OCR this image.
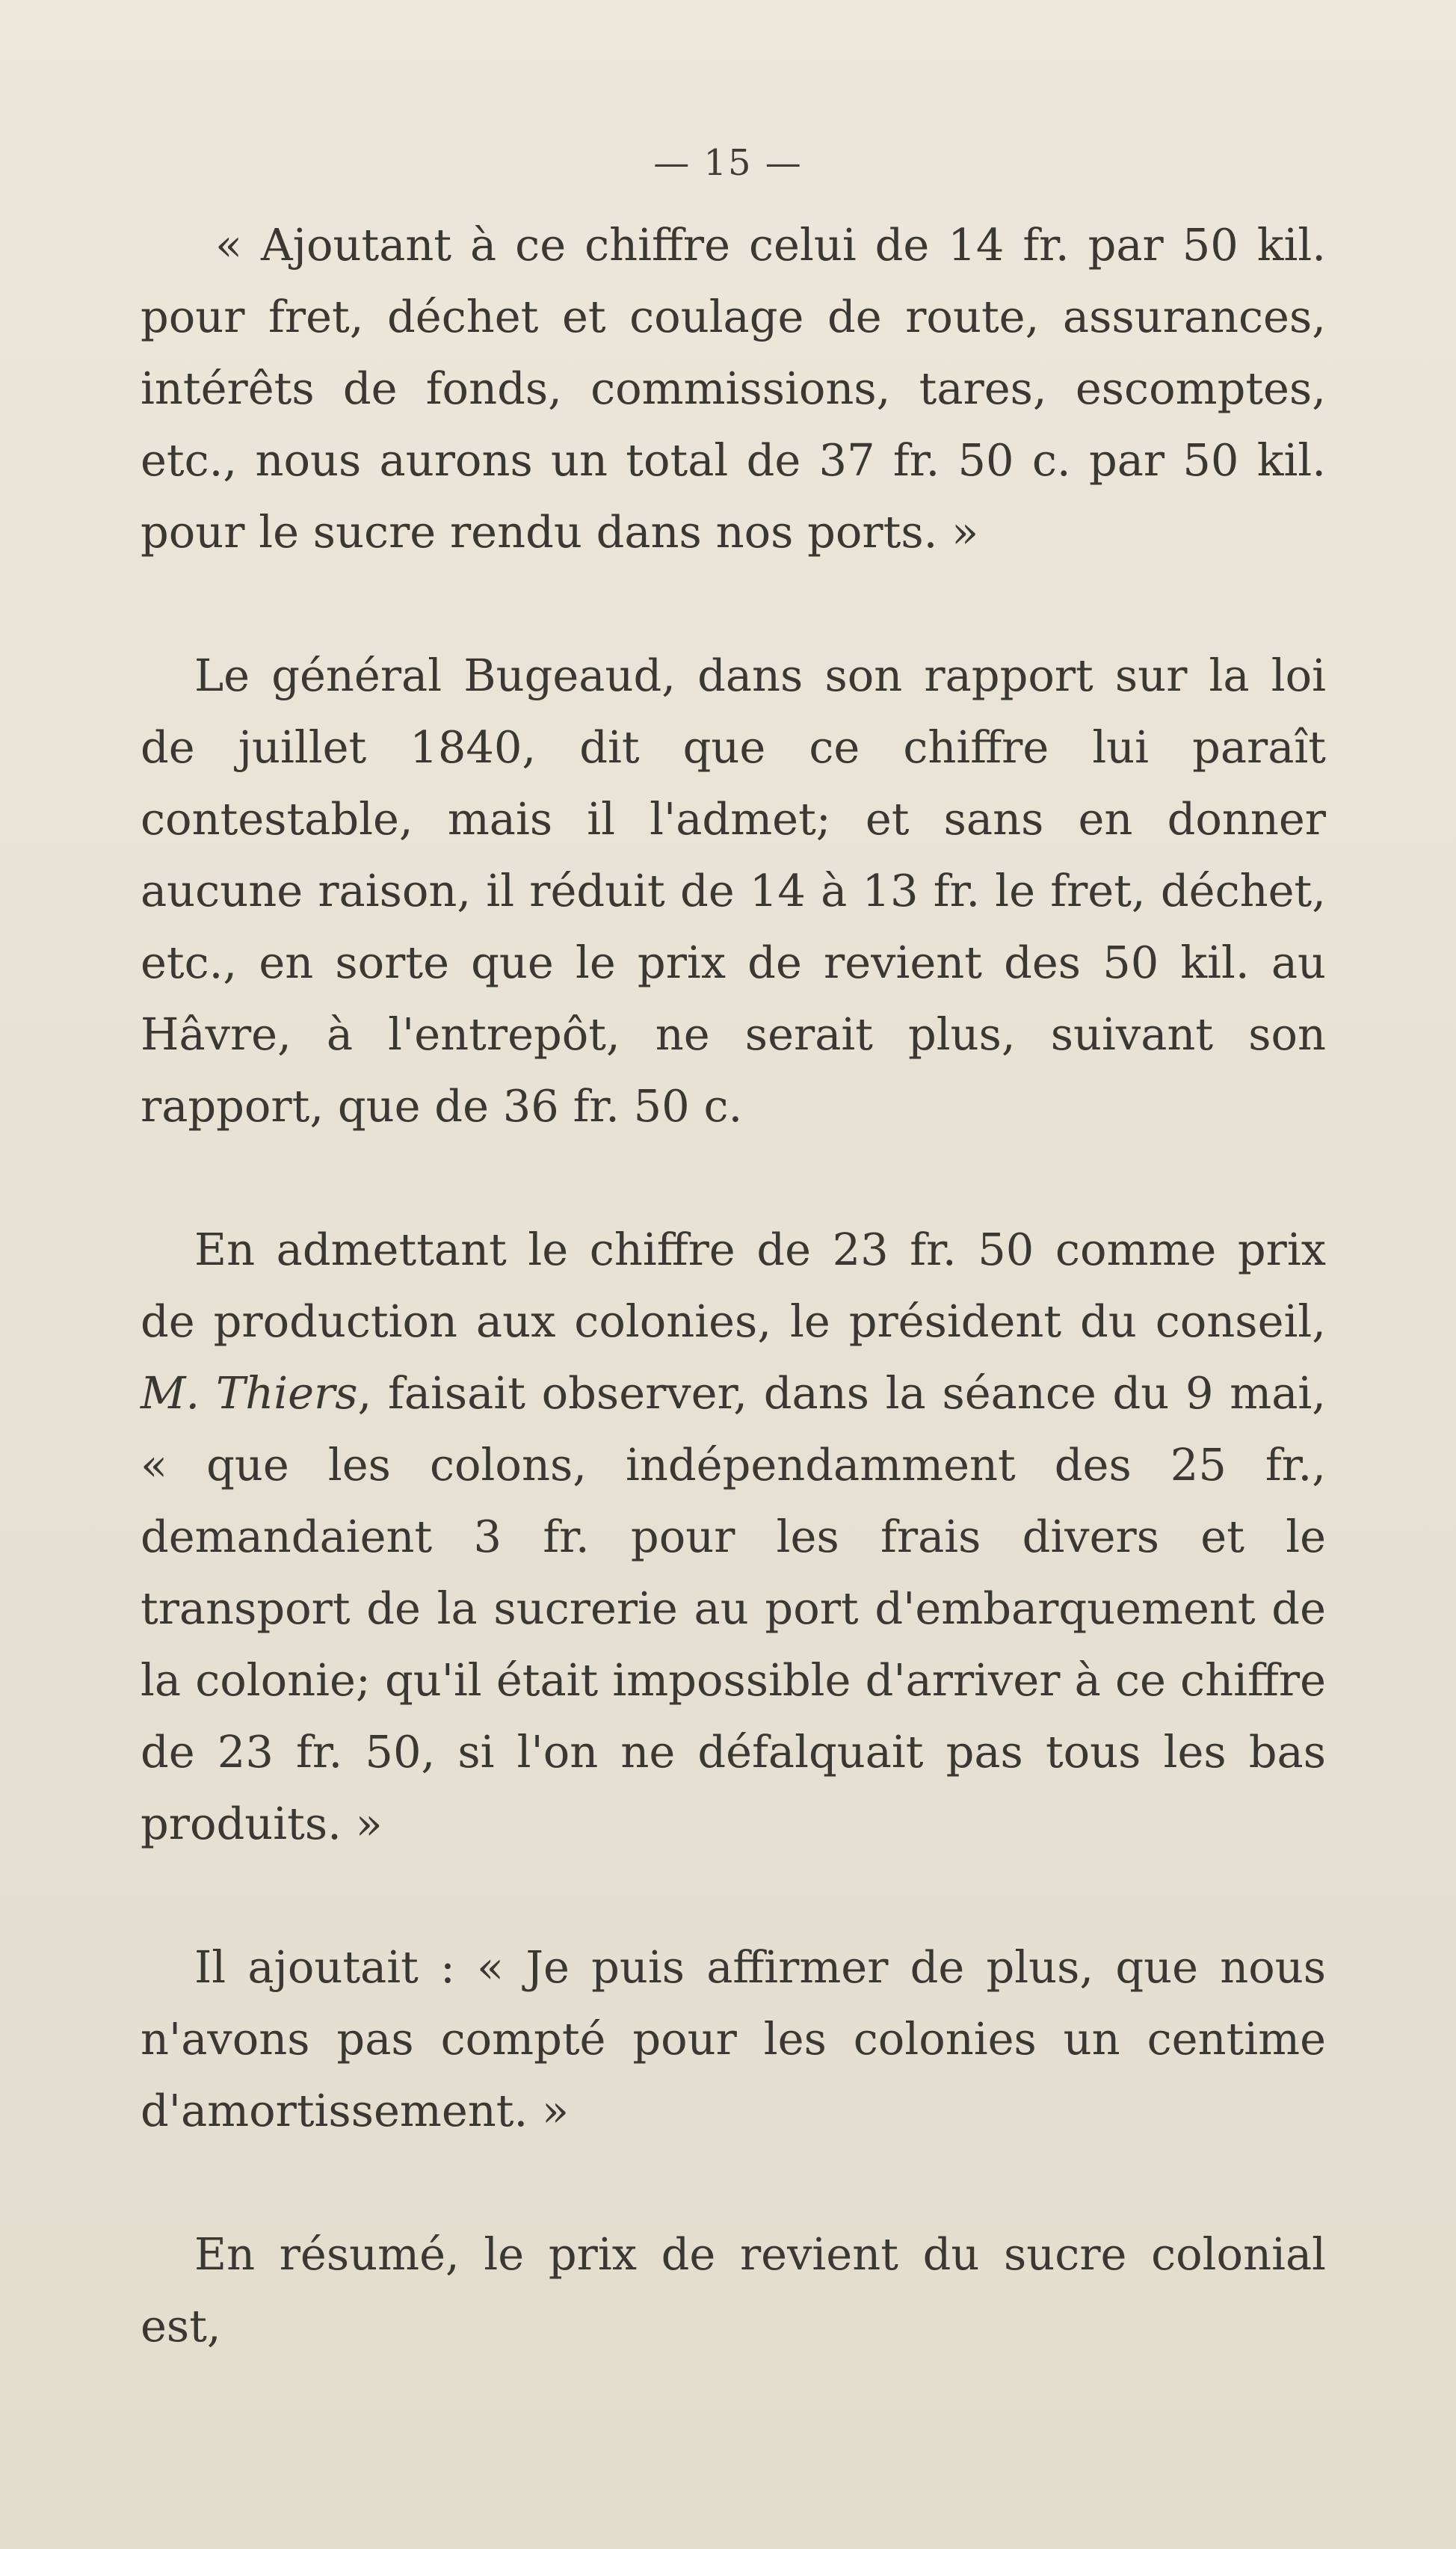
— 15 —

« Ajoutant à ce chiffre celui de 14 fr. par 50 kil. pour fret, déchet et coulage de route, assurances, intérêts de fonds, commissions, tares, escomptes, etc., nous aurons un total de 37 fr. 50 c. par 50 kil. pour le sucre rendu dans nos ports. »

Le général Bugeaud, dans son rapport sur la loi de juillet 1840, dit que ce chiffre lui paraît contestable, mais il l'admet; et sans en donner aucune raison, il réduit de 14 à 13 fr. le fret, déchet, etc., en sorte que le prix de revient des 50 kil. au Hâvre, à l'entrepôt, ne serait plus, suivant son rapport, que de 36 fr. 50 c.

En admettant le chiffre de 23 fr. 50 comme prix de production aux colonies, le président du conseil, M. Thiers, faisait observer, dans la séance du 9 mai, « que les colons, indépendamment des 25 fr., demandaient 3 fr. pour les frais divers et le transport de la sucrerie au port d'embarquement de la colonie; qu'il était impossible d'arriver à ce chiffre de 23 fr. 50, si l'on ne défalquait pas tous les bas produits. »

Il ajoutait : « Je puis affirmer de plus, que nous n'avons pas compté pour les colonies un centime d'amortissement. »

En résumé, le prix de revient du sucre colonial est,
